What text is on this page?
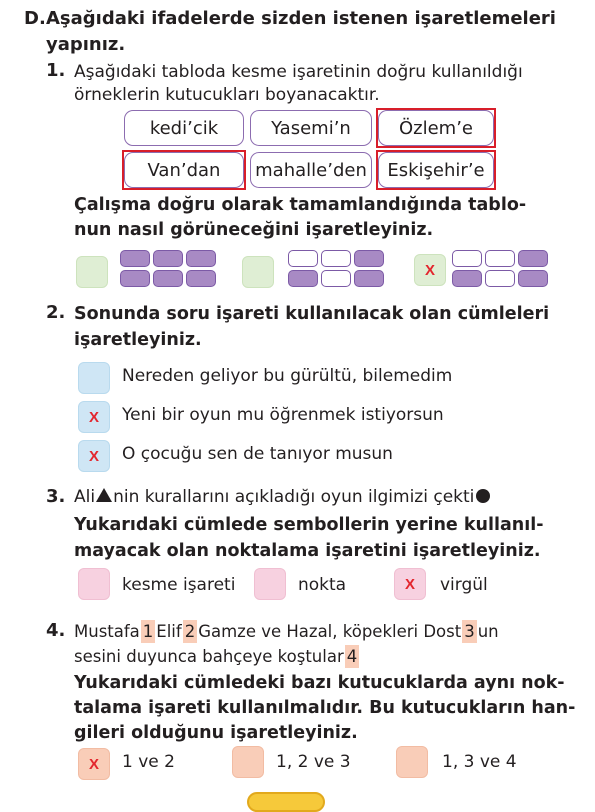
D. Aşağıdaki ifadelerde sizden istenen işaretlemeleri
yapınız.
1. Aşağıdaki tabloda kesme işaretinin doğru kullanıldığı
örneklerin kutucukları boyanacaktır.
kedi’cik	Yasemi’n	Özlem’e
Van’dan	mahalle’den	Eskişehir’e
Çalışma doğru olarak tamamlandığında tablo-
nun nasıl görüneceğini işaretleyiniz.
X
2. Sonunda soru işareti kullanılacak olan cümleleri
işaretleyiniz.
Nereden geliyor bu gürültü, bilemedim
X	Yeni bir oyun mu öğrenmek istiyorsun
X	O çocuğu sen de tanıyor musun
3. Ali nin kurallarını açıkladığı oyun ilgimizi çekti
Yukarıdaki cümlede sembollerin yerine kullanıl-
mayacak olan noktalama işaretini işaretleyiniz.
kesme işareti	nokta	X	virgül
4. Mustafa 1 Elif 2 Gamze ve Hazal, köpekleri Dost 3 un
sesini duyunca bahçeye koştular 4
Yukarıdaki cümledeki bazı kutucuklarda aynı nok-
talama işareti kullanılmalıdır. Bu kutucukların han-
gileri olduğunu işaretleyiniz.
X	1 ve 2	1, 2 ve 3	1, 3 ve 4
